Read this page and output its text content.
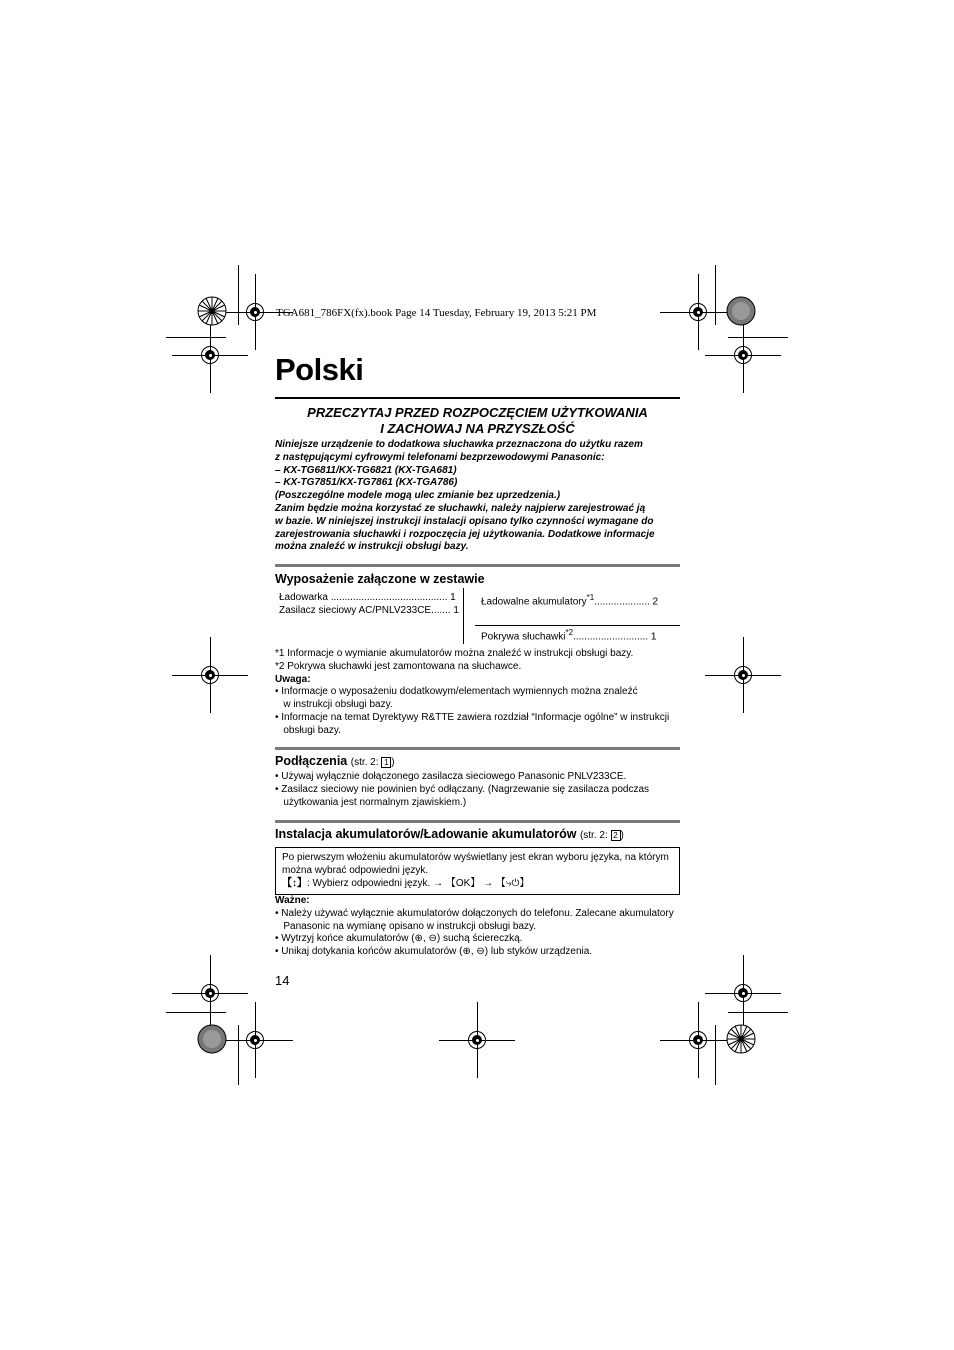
TGA681_786FX(fx).book Page 14 Tuesday, February 19, 2013 5:21 PM
Polski
PRZECZYTAJ PRZED ROZPOCZĘCIEM UŻYTKOWANIA
I ZACHOWAJ NA PRZYSZŁOŚĆ
Niniejsze urządzenie to dodatkowa słuchawka przeznaczona do użytku razem
z następującymi cyfrowymi telefonami bezprzewodowymi Panasonic:
– KX-TG6811/KX-TG6821 (KX-TGA681)
– KX-TG7851/KX-TG7861 (KX-TGA786)
(Poszczególne modele mogą ulec zmianie bez uprzedzenia.)
Zanim będzie można korzystać ze słuchawki, należy najpierw zarejestrować ją
w bazie. W niniejszej instrukcji instalacji opisano tylko czynności wymagane do
zarejestrowania słuchawki i rozpoczęcia jej użytkowania. Dodatkowe informacje
można znaleźć w instrukcji obsługi bazy.
Wyposażenie załączone w zestawie
Ładowarka .......................................... 1
Zasilacz sieciowy AC/PNLV233CE....... 1
Ładowalne akumulatory$^{*1}$.................... 2
Pokrywa słuchawki$^{*2}$........................... 1
*1 Informacje o wymianie akumulatorów można znaleźć w instrukcji obsługi bazy.
*2 Pokrywa słuchawki jest zamontowana na słuchawce.
Uwaga:
• Informacje o wyposażeniu dodatkowym/elementach wymiennych można znaleźć
w instrukcji obsługi bazy.
• Informacje na temat Dyrektywy R&TTE zawiera rozdział “Informacje ogólne” w instrukcji
obsługi bazy.
Podłączenia (str. 2: 1 )
• Używaj wyłącznie dołączonego zasilacza sieciowego Panasonic PNLV233CE.
• Zasilacz sieciowy nie powinien być odłączany. (Nagrzewanie się zasilacza podczas
użytkowania jest normalnym zjawiskiem.)
Instalacja akumulatorów/Ładowanie akumulatorów (str. 2: 2 )
Po pierwszym włożeniu akumulatorów wyświetlany jest ekran wyboru języka, na którym
można wybrać odpowiedni język.
【↕】: Wybierz odpowiedni język. → 【OK】 → 【⤷⏻】
Ważne:
• Należy używać wyłącznie akumulatorów dołączonych do telefonu. Zalecane akumulatory
Panasonic na wymianę opisano w instrukcji obsługi bazy.
• Wytrzyj końce akumulatorów (⊕, ⊖) suchą ściereczką.
• Unikaj dotykania końców akumulatorów (⊕, ⊖) lub styków urządzenia.
14
